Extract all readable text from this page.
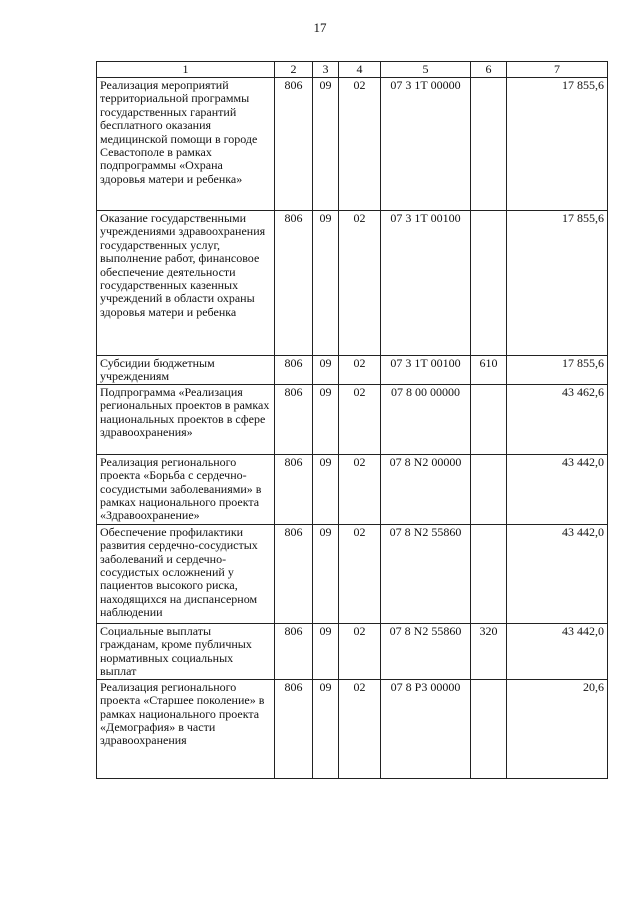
17
1	2	3	4	5	6	7
Реализация мероприятий территориальной программы государственных гарантий бесплатного оказания медицинской помощи в городе Севастополе в рамках подпрограммы «Охрана здоровья матери и ребенка»	806	09	02	07 3 1Т 00000		17 855,6
Оказание государственными учреждениями здравоохранения государственных услуг, выполнение работ, финансовое обеспечение деятельности государственных казенных учреждений в области охраны здоровья матери и ребенка	806	09	02	07 3 1Т 00100		17 855,6
Субсидии бюджетным учреждениям	806	09	02	07 3 1Т 00100	610	17 855,6
Подпрограмма «Реализация региональных проектов в рамках национальных проектов в сфере здравоохранения»	806	09	02	07 8 00 00000		43 462,6
Реализация регионального проекта «Борьба с сердечно-сосудистыми заболеваниями» в рамках национального проекта «Здравоохранение»	806	09	02	07 8 N2 00000		43 442,0
Обеспечение профилактики развития сердечно-сосудистых заболеваний и сердечно-сосудистых осложнений у пациентов высокого риска, находящихся на диспансерном наблюдении	806	09	02	07 8 N2 55860		43 442,0
Социальные выплаты гражданам, кроме публичных нормативных социальных выплат	806	09	02	07 8 N2 55860	320	43 442,0
Реализация регионального проекта «Старшее поколение» в рамках национального проекта «Демография» в части здравоохранения	806	09	02	07 8 P3 00000		20,6
